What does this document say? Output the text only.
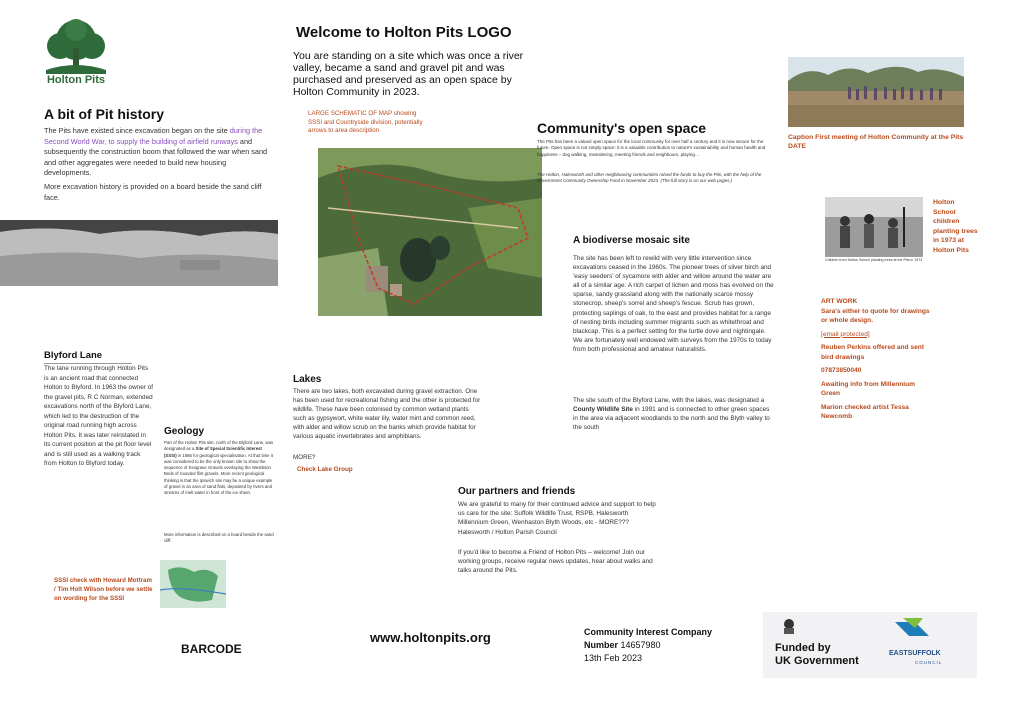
Holton Pits
Welcome to Holton Pits LOGO
You are standing on a site which was once a river valley, became a sand and gravel pit and was purchased and preserved as an open space by Holton Community in 2023.
Caption First meeting of Holton Community at the Pits DATE
A bit of Pit history
The Pits have existed since excavation began on the site during the Second World War, to supply the building of airfield runways and subsequently the construction boom that followed the war when sand and other aggregates were needed to build new housing developments.
More excavation history is provided on a board beside the sand cliff face.
LARGE SCHEMATIC OF MAP showing SSSI and Countryside division, potentially arrows to area description	Community's open space
The Pits has been a valued open space for the local community for over half a century and it is now secure for the future. Open space is not simply space: it is a valuable contribution to nature's sustainability and human health and happiness – dog walking, meandering, meeting friends and neighbours, playing…
The Holton, Halesworth and other neighbouring communities raised the funds to buy the Pits, with the help of the Government Community Ownership Fund in November 2023. (The full story is on our web pages.)
Children from Holton School planting trees at the Pits in 1973
Holton School children planting trees in 1973 at Holton Pits
A biodiverse mosaic site
The site has been left to rewild with very little intervention since excavations ceased in the 1960s. The pioneer trees of silver birch and 'easy seeders' of sycamore with alder and willow around the water are all of a similar age. A rich carpet of lichen and moss has evolved on the sparse, sandy grassland along with the nationally scarce mossy stonecrop, sheep's sorrel and sheep's fescue. Scrub has grown, protecting saplings of oak, to the east and provides habitat for a range of nesting birds including summer migrants such as whitethroat and blackcap. This is a perfect setting for the turtle dove and nightingale. We are fortunately well endowed with surveys from the 1970s to today from both professional and amateur naturalists.
The site south of the Blyford Lane, with the lakes, was designated a County Wildlife Site in 1991 and is connected to other green spaces in the area via adjacent woodlands to the north and the Blyth valley to the south
ART WORK
Sara's either to quote for drawings or whole design.
[email protected]
Reuben Perkins offered and sent bird drawings
07873850040
Awaiting info from Millennium Green
Marion checked artist Tessa Newcomb
Blyford Lane
The lane running through Holton Pits is an ancient road that connected Holton to Blyford. In 1963 the owner of the gravel pits, R C Norman, extended excavations north of the Blyford Lane, which led to the destruction of the original road running high across Holton Pits. It was later reinstated in its current position at the pit floor level and is still used as a walking track from Holton to Blyford today.
Geology
Part of the Holton Pits site, north of the Blyford Lane, was designated as a Site of Special Scientific Interest (SSSI) in 1986 for geological specialisation. At that time it was considered to be the only known site to show the sequence of Kesgrave Gravels overlaying the Westleton Beds of rounded flint gravels. More recent geological thinking is that the Ipswich site may be a unique example of gravel in an area of sand flats, deposited by rivers and streams of melt water in front of the ice sheet.
More information is described on a board beside the sand cliff.
SSSI check with Howard Mottram / Tim Holt Wilson before we settle on wording for the SSSI
Lakes
There are two lakes, both excavated during gravel extraction. One has been used for recreational fishing and the other is protected for wildlife. These have been colonised by common wetland plants such as gypsywort, white water lily, water mint and common reed, with alder and willow scrub on the banks which provide habitat for various aquatic invertebrates and amphibians.
MORE?
Check Lake Group
Our partners and friends
We are grateful to many for their continued advice and support to help us care for the site: Suffolk Wildlife Trust, RSPB, Halesworth Millennium Green, Wenhaston Blyth Woods, etc - MORE??? Halesworth / Holton Parish Council
If you'd like to become a Friend of Holton Pits – welcome! Join our working groups, receive regular news updates, hear about walks and talks around the Pits.
BARCODE
www.holtonpits.org	Community Interest Company
Number 14657980
13th Feb 2023
Funded by
UK Government
EASTSUFFOLK
COUNCIL
